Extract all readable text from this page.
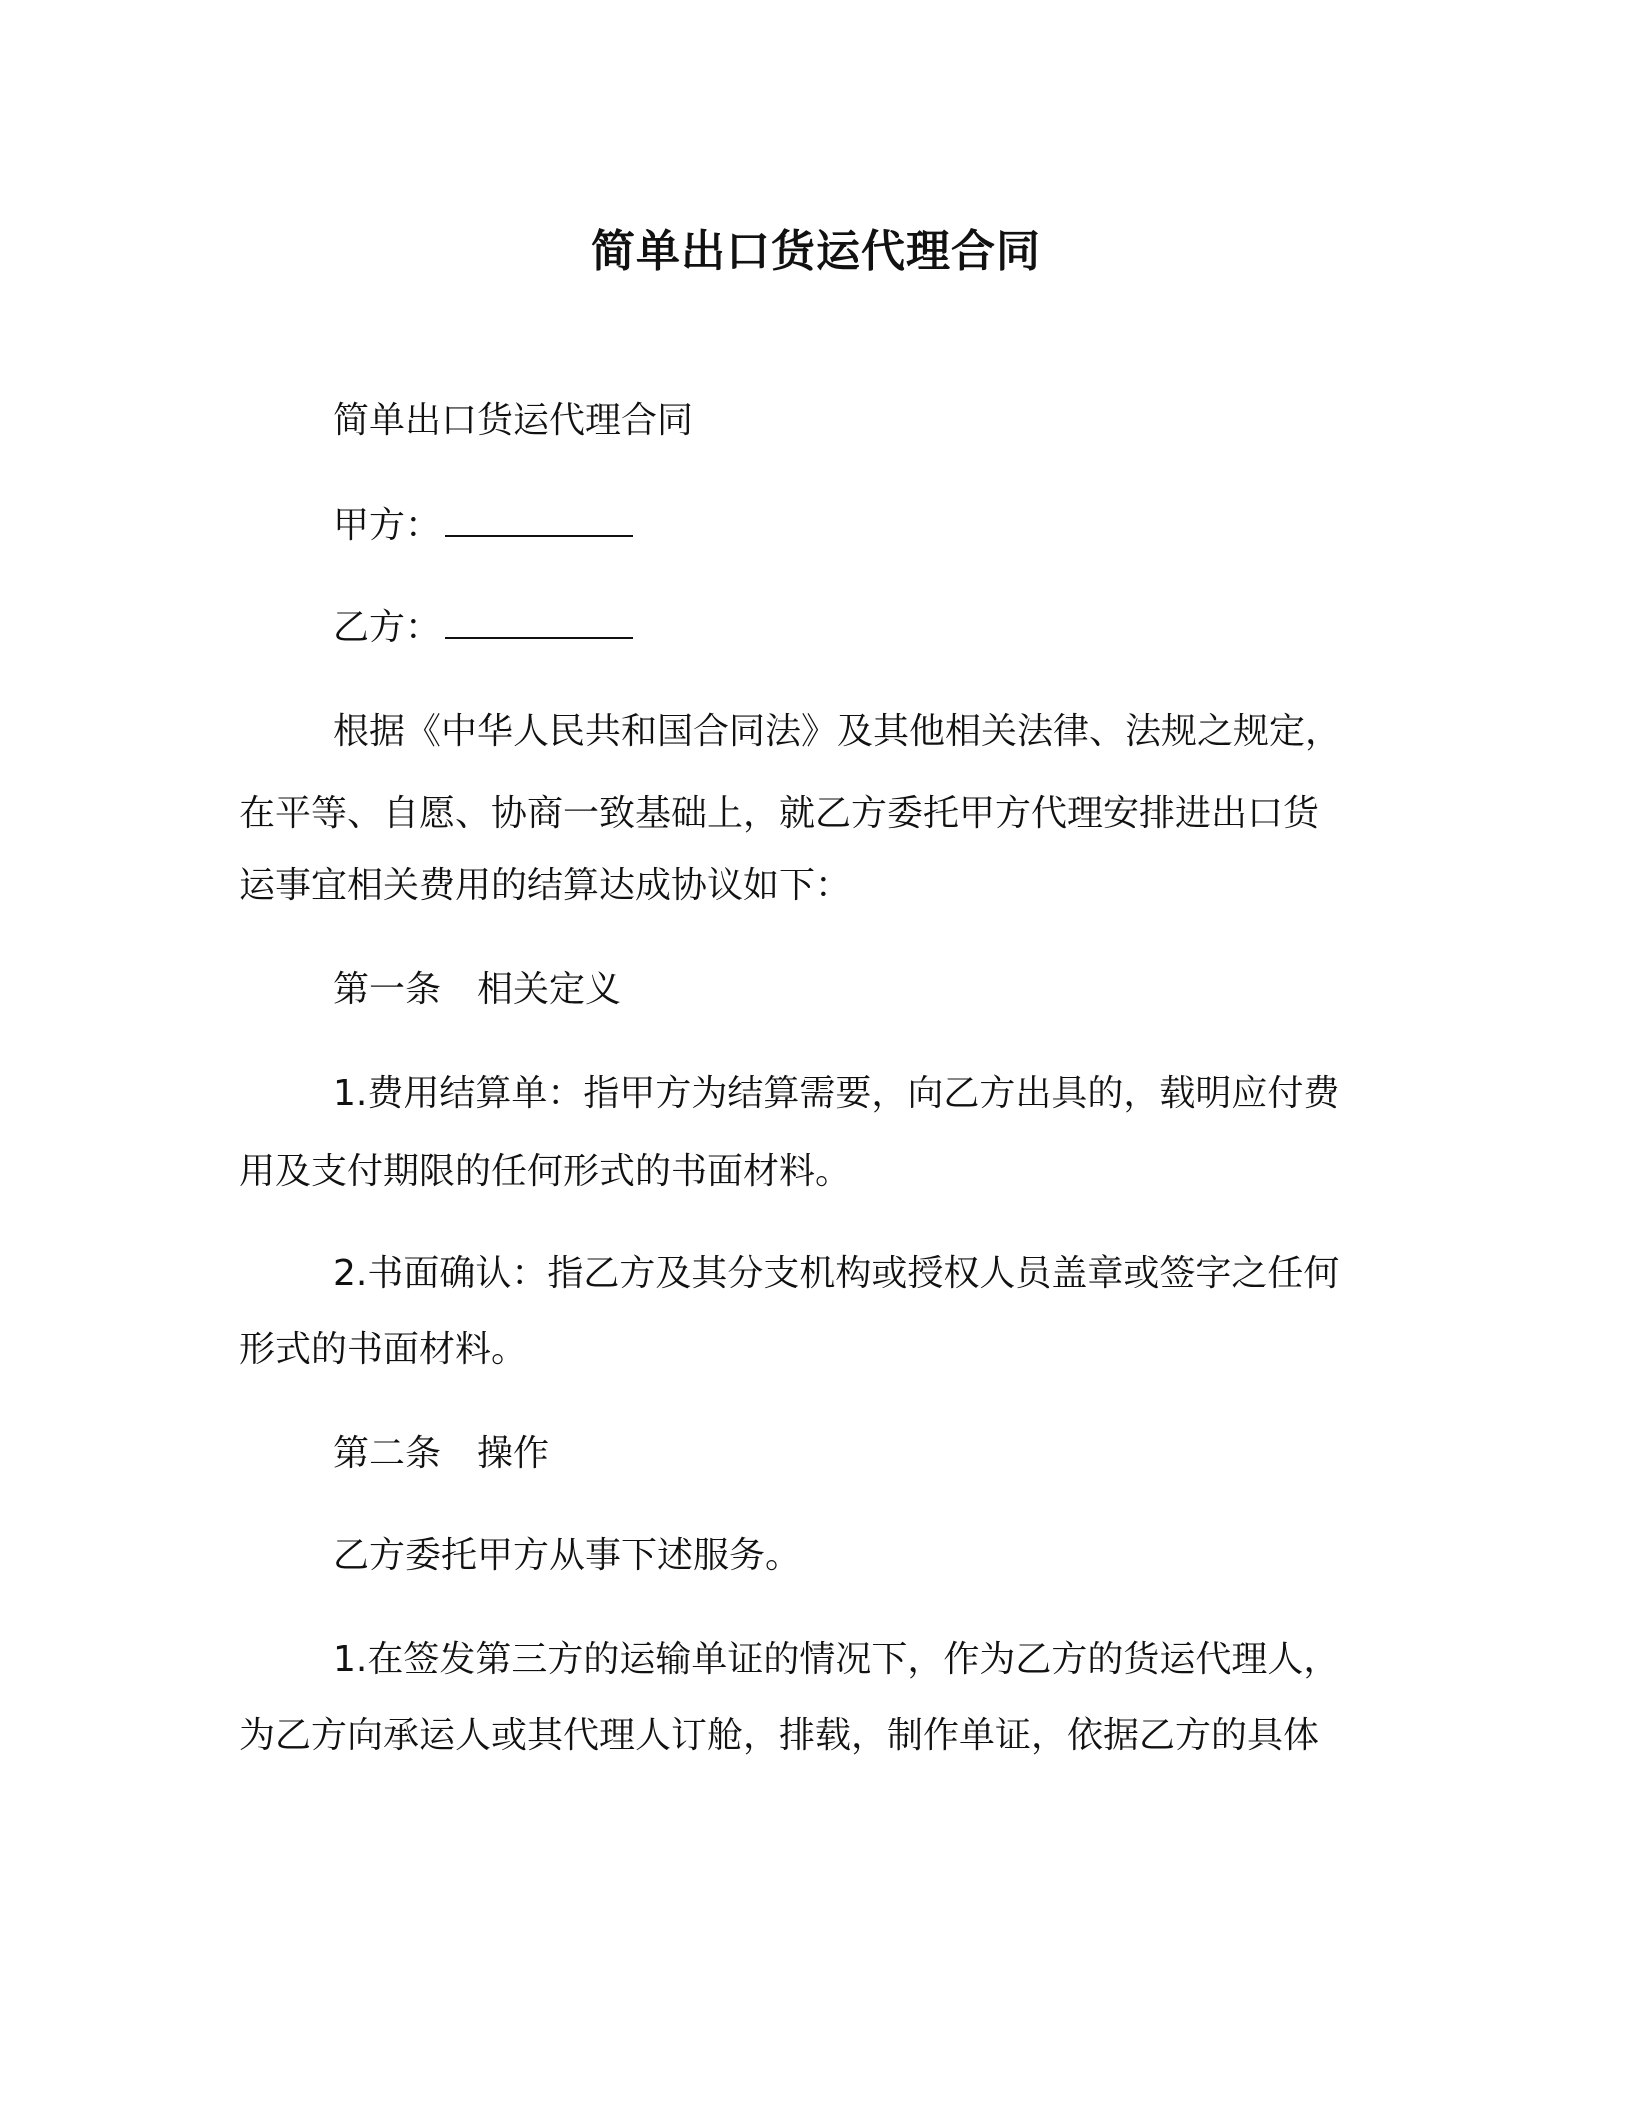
简单出口货运代理合同
简单出口货运代理合同
甲方：
乙方：
根据《中华人民共和国合同法》及其他相关法律、法规之规定，
在平等、自愿、协商一致基础上，就乙方委托甲方代理安排进出口货
运事宜相关费用的结算达成协议如下：
第一条 相关定义
1.费用结算单：指甲方为结算需要，向乙方出具的，载明应付费
用及支付期限的任何形式的书面材料。
2.书面确认：指乙方及其分支机构或授权人员盖章或签字之任何
形式的书面材料。
第二条 操作
乙方委托甲方从事下述服务。
1.在签发第三方的运输单证的情况下，作为乙方的货运代理人，
为乙方向承运人或其代理人订舱，排载，制作单证，依据乙方的具体
